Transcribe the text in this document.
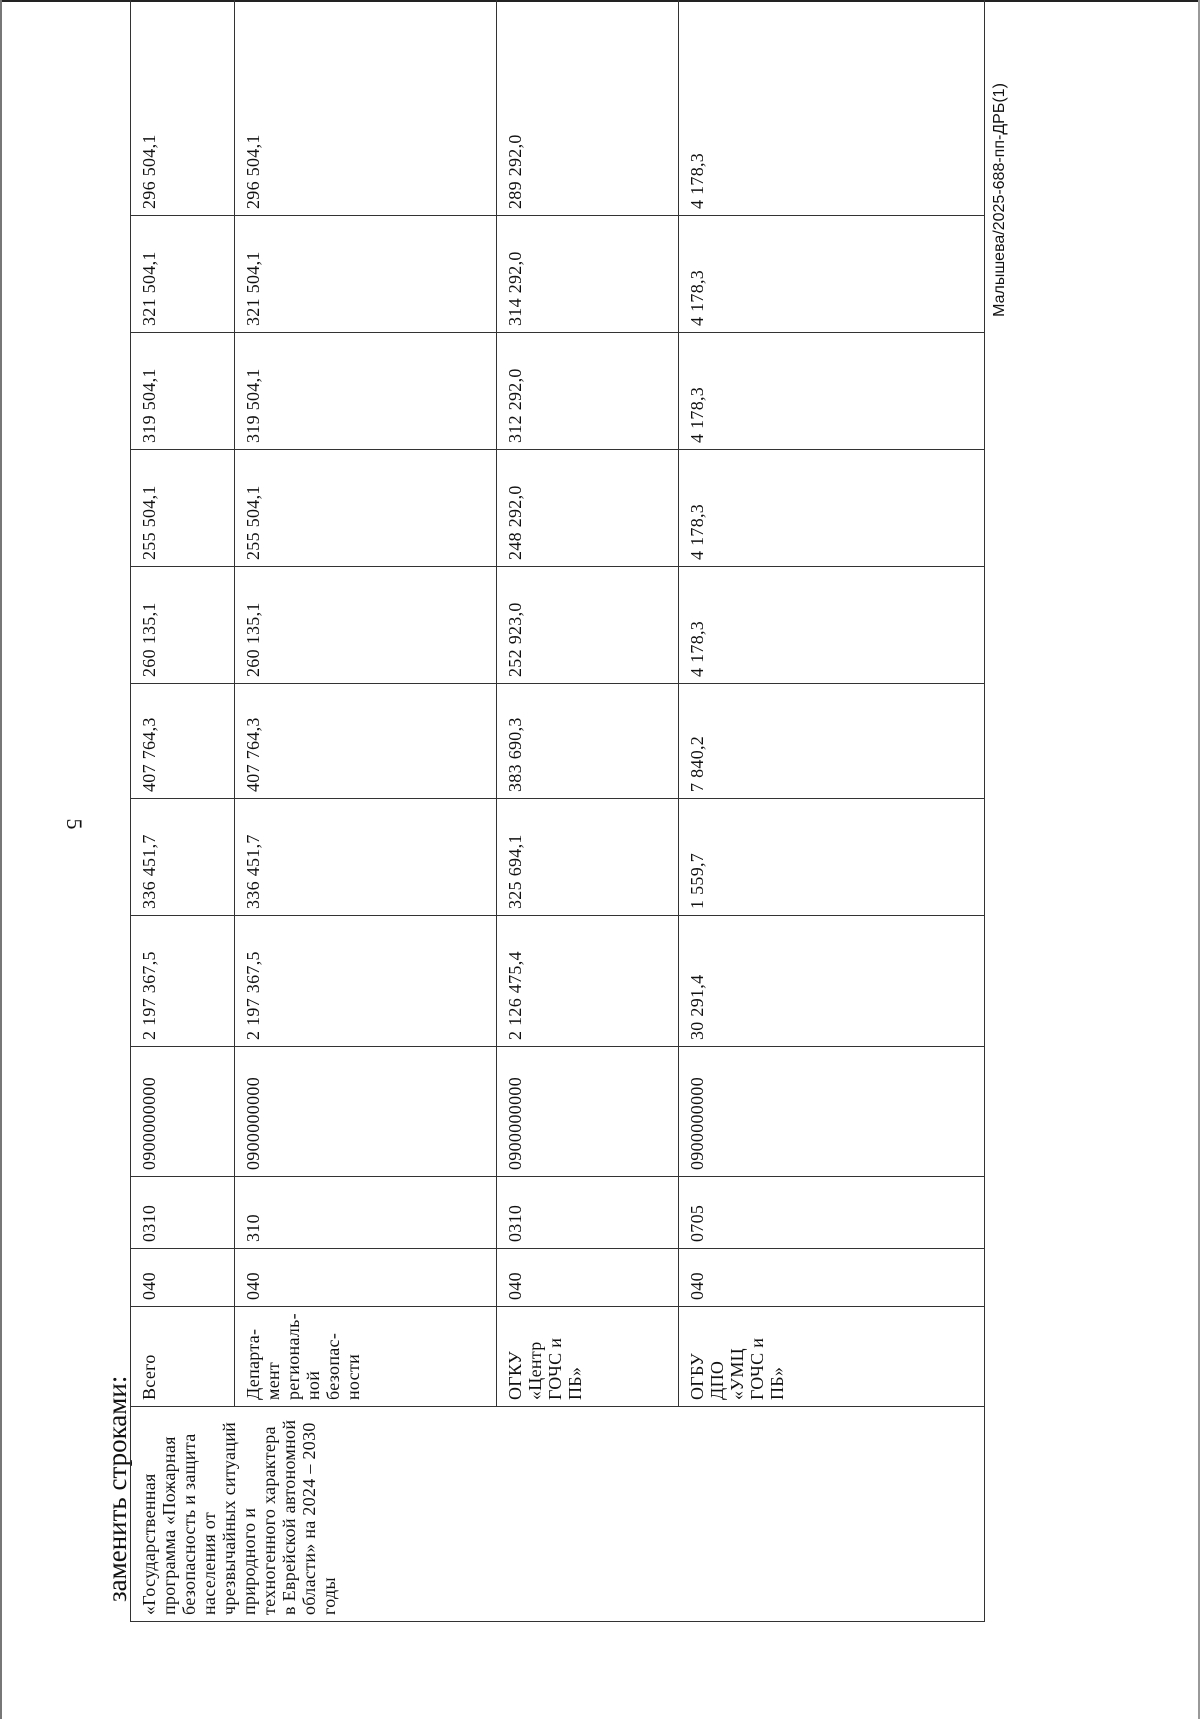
5
Малышева/2025-688-пп-ДРБ(1)
заменить строками: «Государственная программа «Пожарная безопасность и защита населения от чрезвычайных ситуаций природного и техногенного характера в Еврейской автономной области» на 2024 – 2030 годы	Всего	040	0310	0900000000	2 197 367,5	336 451,7	407 764,3	260 135,1	255 504,1	319 504,1	321 504,1	296 504,1
	Департа-мент региональ-ной безопас-ности	040	310	0900000000	2 197 367,5	336 451,7	407 764,3	260 135,1	255 504,1	319 504,1	321 504,1	296 504,1
	ОГКУ «Центр ГОЧС и ПБ»	040	0310	0900000000	2 126 475,4	325 694,1	383 690,3	252 923,0	248 292,0	312 292,0	314 292,0	289 292,0
	ОГБУ ДПО «УМЦ ГОЧС и ПБ»	040	0705	0900000000	30 291,4	1 559,7	7 840,2	4 178,3	4 178,3	4 178,3	4 178,3	4 178,3
